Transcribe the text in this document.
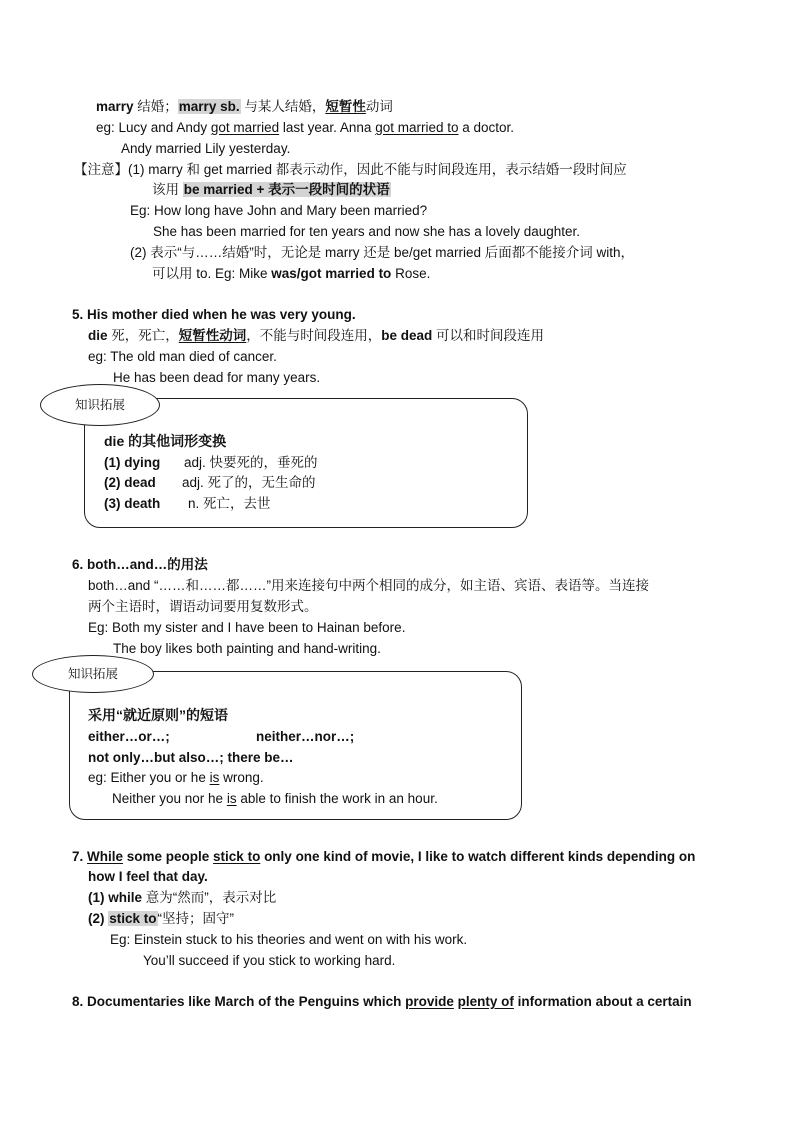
marry 结婚；marry sb. 与某人结婚，短暂性动词
eg: Lucy and Andy got married last year. Anna got married to a doctor.
Andy married Lily yesterday.
【注意】(1) marry 和 get married 都表示动作，因此不能与时间段连用，表示结婚一段时间应
该用 be married + 表示一段时间的状语
Eg: How long have John and Mary been married?
She has been married for ten years and now she has a lovely daughter.
(2) 表示“与……结婚”时，无论是 marry 还是 be/get married 后面都不能接介词 with，
可以用 to. Eg: Mike was/got married to Rose.
5. His mother died when he was very young.
die 死，死亡，短暂性动词，不能与时间段连用，be dead 可以和时间段连用
eg: The old man died of cancer.
He has been dead for many years.
die 的其他词形变换
(1) dying adj. 快要死的，垂死的
(2) dead adj. 死了的，无生命的
(3) death n. 死亡，去世
知识拓展
6. both…and…的用法
both…and “……和……都……”用来连接句中两个相同的成分，如主语、宾语、表语等。当连接
两个主语时，谓语动词要用复数形式。
Eg: Both my sister and I have been to Hainan before.
The boy likes both painting and hand-writing.
采用“就近原则”的短语
either…or…;	neither…nor…;
not only…but also…; there be…
eg: Either you or he is wrong.
Neither you nor he is able to finish the work in an hour.
知识拓展
7. While some people stick to only one kind of movie, I like to watch different kinds depending on
how I feel that day.
(1) while 意为“然而”，表示对比
(2) stick to“坚持；固守”
Eg: Einstein stuck to his theories and went on with his work.
You’ll succeed if you stick to working hard.
8. Documentaries like March of the Penguins which provide plenty of information about a certain
